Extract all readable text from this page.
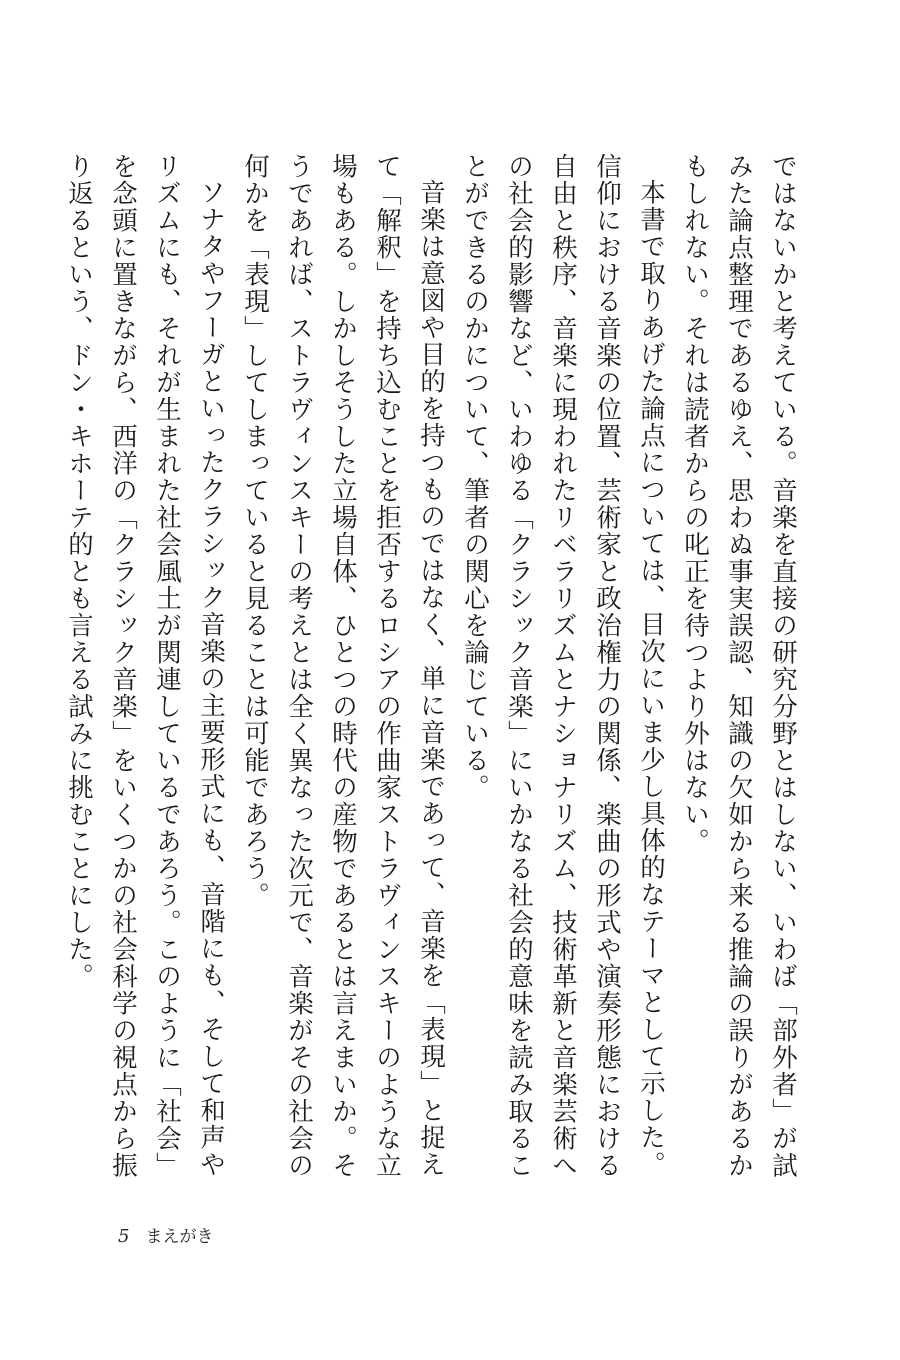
ではないかと考えている。音楽を直接の研究分野とはしない、いわば「部外者」が試みた論点整理であるゆえ、思わぬ事実誤認、知識の欠如から来る推論の誤りがあるかもしれない。それは読者からの叱正を待つより外はない。

本書で取りあげた論点については、目次にいま少し具体的なテーマとして示した。信仰における音楽の位置、芸術家と政治権力の関係、楽曲の形式や演奏形態における自由と秩序、音楽に現われたリベラリズムとナショナリズム、技術革新と音楽芸術への社会的影響など、いわゆる「クラシック音楽」にいかなる社会的意味を読み取ることができるのかについて、筆者の関心を論じている。

音楽は意図や目的を持つものではなく、単に音楽であって、音楽を「表現」と捉えて「解釈」を持ち込むことを拒否するロシアの作曲家ストラヴィンスキーのような立場もある。しかしそうした立場自体、ひとつの時代の産物であるとは言えまいか。そうであれば、ストラヴィンスキーの考えとは全く異なった次元で、音楽がその社会の何かを「表現」してしまっていると見ることは可能であろう。

ソナタやフーガといったクラシック音楽の主要形式にも、音階にも、そして和声やリズムにも、それが生まれた社会風土が関連しているであろう。このように「社会」を念頭に置きながら、西洋の「クラシック音楽」をいくつかの社会科学の視点から振り返るという、ドン・キホーテ的とも言える試みに挑むことにした。

5 まえがき
